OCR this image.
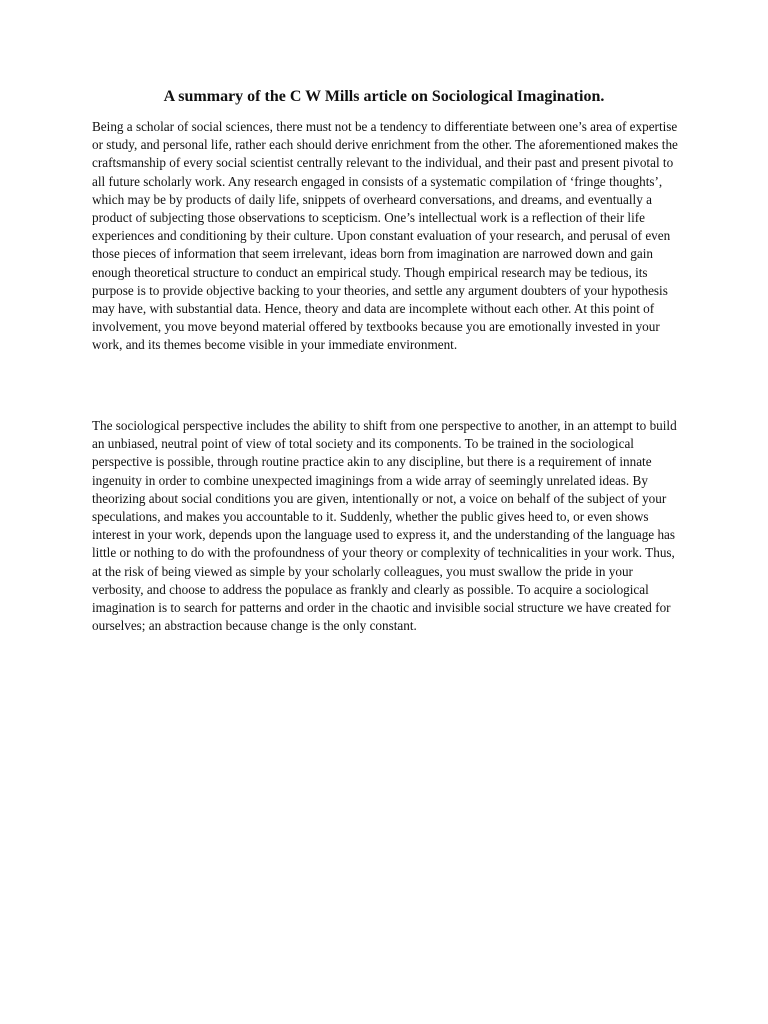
A summary of the C W Mills article on Sociological Imagination.

Being a scholar of social sciences, there must not be a tendency to differentiate between one’s area of expertise or study, and personal life, rather each should derive enrichment from the other. The aforementioned makes the craftsmanship of every social scientist centrally relevant to the individual, and their past and present pivotal to all future scholarly work. Any research engaged in consists of a systematic compilation of ‘fringe thoughts’, which may be by products of daily life, snippets of overheard conversations, and dreams, and eventually a product of subjecting those observations to scepticism. One’s intellectual work is a reflection of their life experiences and conditioning by their culture. Upon constant evaluation of your research, and perusal of even those pieces of information that seem irrelevant, ideas born from imagination are narrowed down and gain enough theoretical structure to conduct an empirical study. Though empirical research may be tedious, its purpose is to provide objective backing to your theories, and settle any argument doubters of your hypothesis may have, with substantial data. Hence, theory and data are incomplete without each other. At this point of involvement, you move beyond material offered by textbooks because you are emotionally invested in your work, and its themes become visible in your immediate environment.

The sociological perspective includes the ability to shift from one perspective to another, in an attempt to build an unbiased, neutral point of view of total society and its components. To be trained in the sociological perspective is possible, through routine practice akin to any discipline, but there is a requirement of innate ingenuity in order to combine unexpected imaginings from a wide array of seemingly unrelated ideas. By theorizing about social conditions you are given, intentionally or not, a voice on behalf of the subject of your speculations, and makes you accountable to it. Suddenly, whether the public gives heed to, or even shows interest in your work, depends upon the language used to express it, and the understanding of the language has little or nothing to do with the profoundness of your theory or complexity of technicalities in your work. Thus, at the risk of being viewed as simple by your scholarly colleagues, you must swallow the pride in your verbosity, and choose to address the populace as frankly and clearly as possible. To acquire a sociological imagination is to search for patterns and order in the chaotic and invisible social structure we have created for ourselves; an abstraction because change is the only constant.
